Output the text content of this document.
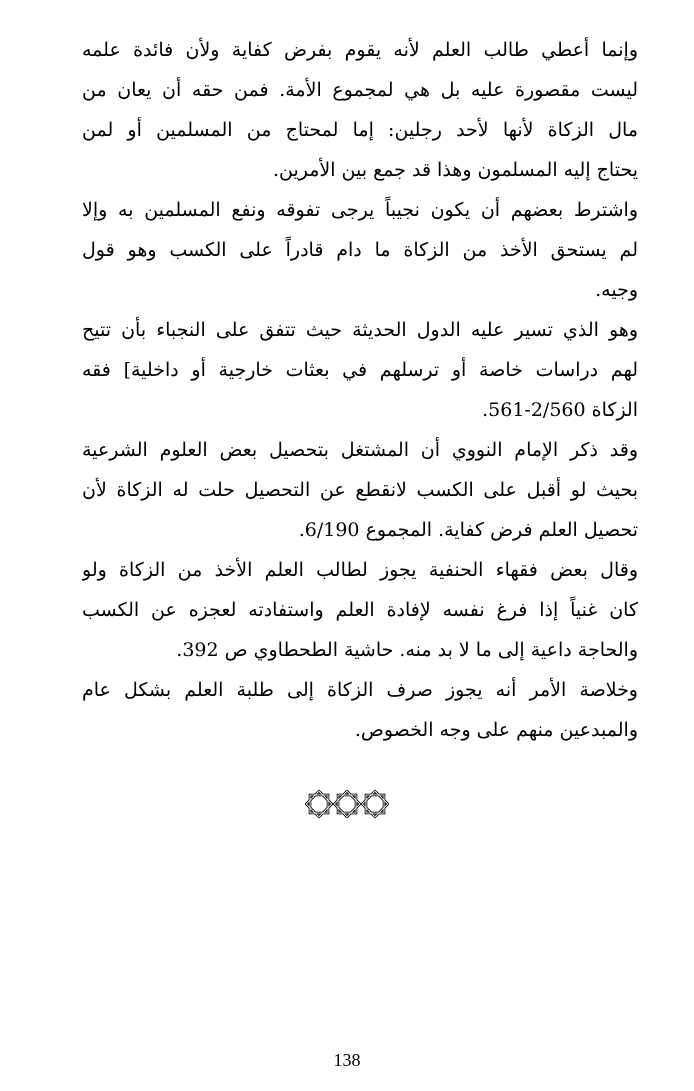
وإنما أعطي طالب العلم لأنه يقوم بفرض كفاية ولأن فائدة علمه
ليست مقصورة عليه بل هي لمجموع الأمة. فمن حقه أن يعان من
مال الزكاة لأنها لأحد رجلين: إما لمحتاج من المسلمين أو لمن
يحتاج إليه المسلمون وهذا قد جمع بين الأمرين.
واشترط بعضهم أن يكون نجيباً يرجى تفوقه ونفع المسلمين به وإلا
لم يستحق الأخذ من الزكاة ما دام قادراً على الكسب وهو قول
وجيه.
وهو الذي تسير عليه الدول الحديثة حيث تتفق على النجباء بأن تتيح
لهم دراسات خاصة أو ترسلهم في بعثات خارجية أو داخلية] فقه
الزكاة 2/560-561.
وقد ذكر الإمام النووي أن المشتغل بتحصيل بعض العلوم الشرعية
بحيث لو أقبل على الكسب لانقطع عن التحصيل حلت له الزكاة لأن
تحصيل العلم فرض كفاية. المجموع 6/190.
وقال بعض فقهاء الحنفية يجوز لطالب العلم الأخذ من الزكاة ولو
كان غنياً إذا فرغ نفسه لإفادة العلم واستفادته لعجزه عن الكسب
والحاجة داعية إلى ما لا بد منه. حاشية الطحطاوي ص 392.
وخلاصة الأمر أنه يجوز صرف الزكاة إلى طلبة العلم بشكل عام
والمبدعين منهم على وجه الخصوص.

138
